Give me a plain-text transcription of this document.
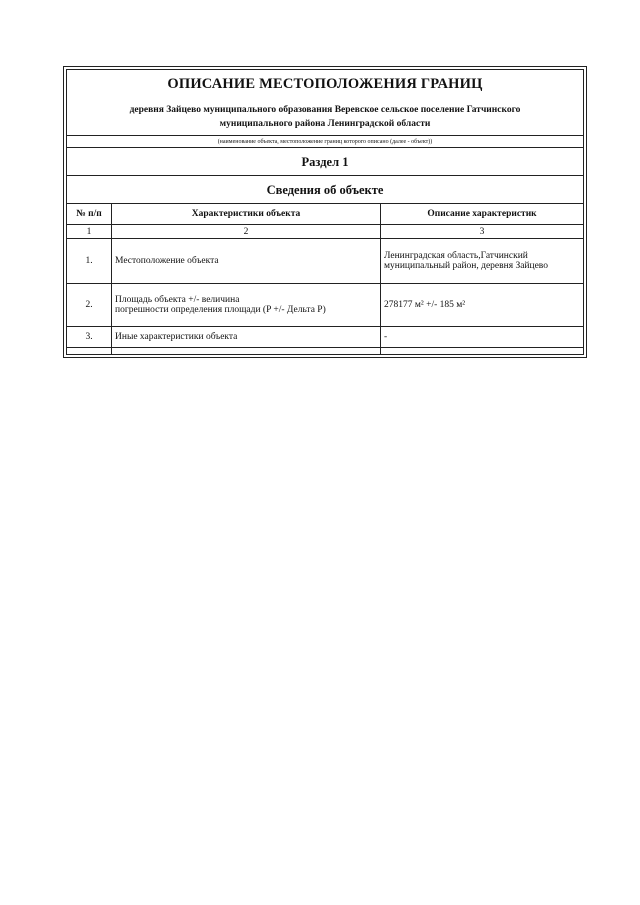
ОПИСАНИЕ МЕСТОПОЛОЖЕНИЯ ГРАНИЦ
деревня Зайцево муниципального образования Веревское сельское поселение Гатчинского
муниципального района Ленинградской области
(наименование объекта, местоположение границ которого описано (далее - объект))
Раздел 1
Сведения об объекте
№ п/п	Характеристики объекта	Описание характеристик
1	2	3
1.	Местоположение объекта	Ленинградская область,Гатчинский
муниципальный район, деревня Зайцево

2.	Площадь объекта +/- величина
погрешности определения площади (P +/- Дельта P)	278177 м² +/- 185 м²

3.	Иные характеристики объекта	-
